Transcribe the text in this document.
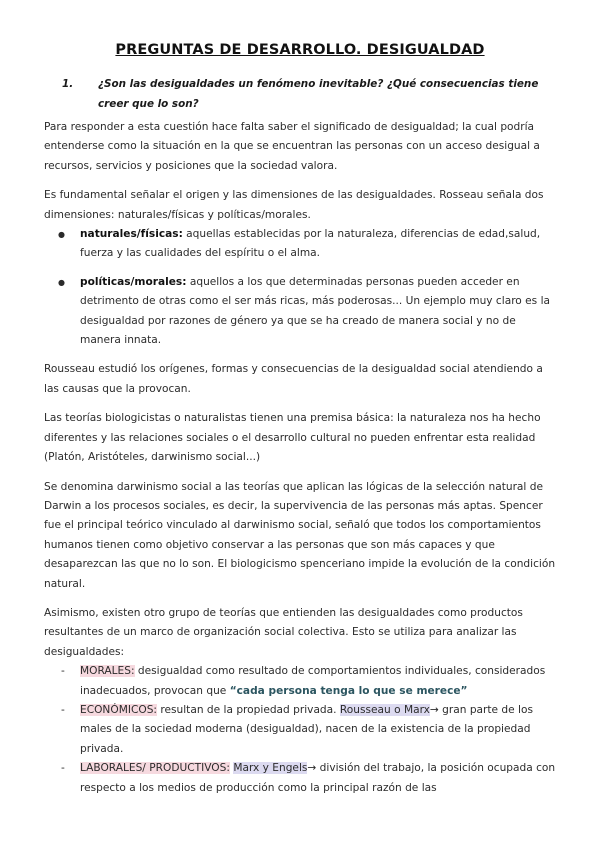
PREGUNTAS DE DESARROLLO. DESIGUALDAD
1.	¿Son las desigualdades un fenómeno inevitable? ¿Qué consecuencias tiene creer que lo son?

Para responder a esta cuestión hace falta saber el significado de desigualdad; la cual podría entenderse como la situación en la que se encuentran las personas con un acceso desigual a recursos, servicios y posiciones que la sociedad valora.

Es fundamental señalar el origen y las dimensiones de las desigualdades. Rosseau señala dos dimensiones: naturales/físicas y políticas/morales.

● naturales/físicas: aquellas establecidas por la naturaleza, diferencias de edad,salud, fuerza y las cualidades del espíritu o el alma.
● políticas/morales: aquellos a los que determinadas personas pueden acceder en detrimento de otras como el ser más ricas, más poderosas... Un ejemplo muy claro es la desigualdad por razones de género ya que se ha creado de manera social y no de manera innata.

Rousseau estudió los orígenes, formas y consecuencias de la desigualdad social atendiendo a las causas que la provocan.

Las teorías biologicistas o naturalistas tienen una premisa básica: la naturaleza nos ha hecho diferentes y las relaciones sociales o el desarrollo cultural no pueden enfrentar esta realidad (Platón, Aristóteles, darwinismo social...)

Se denomina darwinismo social a las teorías que aplican las lógicas de la selección natural de Darwin a los procesos sociales, es decir, la supervivencia de las personas más aptas. Spencer fue el principal teórico vinculado al darwinismo social, señaló que todos los comportamientos humanos tienen como objetivo conservar a las personas que son más capaces y que desaparezcan las que no lo son. El biologicismo spenceriano impide la evolución de la condición natural.

Asimismo, existen otro grupo de teorías que entienden las desigualdades como productos resultantes de un marco de organización social colectiva. Esto se utiliza para analizar las desigualdades:

- MORALES: desigualdad como resultado de comportamientos individuales, considerados inadecuados, provocan que “cada persona tenga lo que se merece”
- ECONÓMICOS: resultan de la propiedad privada. Rousseau o Marx→ gran parte de los males de la sociedad moderna (desigualdad), nacen de la existencia de la propiedad privada.
- LABORALES/ PRODUCTIVOS: Marx y Engels→ división del trabajo, la posición ocupada con respecto a los medios de producción como la principal razón de las
